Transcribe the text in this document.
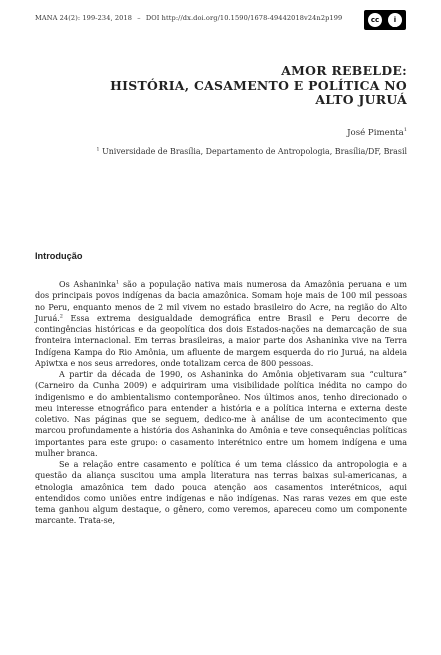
MANA 24(2): 199-234, 2018 – DOI http://dx.doi.org/10.1590/1678-49442018v24n2p199	cc	i
BY
AMOR REBELDE:
HISTÓRIA, CASAMENTO E POLÍTICA NO
ALTO JURUÁ
José Pimenta$^1$
$^1$ Universidade de Brasília, Departamento de Antropologia, Brasília/DF, Brasil
Introdução

Os Ashaninka$^1$ são a população nativa mais numerosa da Amazônia peruana e um dos principais povos indígenas da bacia amazônica. Somam hoje mais de 100 mil pessoas no Peru, enquanto menos de 2 mil vivem no estado brasileiro do Acre, na região do Alto Juruá.$^2$ Essa extrema desigualdade demográfica entre Brasil e Peru decorre de contingências históricas e da geopolítica dos dois Estados-nações na demarcação de sua fronteira internacional. Em terras brasileiras, a maior parte dos Ashaninka vive na Terra Indígena Kampa do Rio Amônia, um afluente de margem esquerda do rio Juruá, na aldeia Apiwtxa e nos seus arredores, onde totalizam cerca de 800 pessoas.

A partir da década de 1990, os Ashaninka do Amônia objetivaram sua “cultura” (Carneiro da Cunha 2009) e adquiriram uma visibilidade política inédita no campo do indigenismo e do ambientalismo contemporâneo. Nos últimos anos, tenho direcionado o meu interesse etnográfico para entender a história e a política interna e externa deste coletivo. Nas páginas que se seguem, dedico-me à análise de um acontecimento que marcou profundamente a história dos Ashaninka do Amônia e teve consequências políticas importantes para este grupo: o casamento interétnico entre um homem indígena e uma mulher branca.

Se a relação entre casamento e política é um tema clássico da antropologia e a questão da aliança suscitou uma ampla literatura nas terras baixas sul-americanas, a etnologia amazônica tem dado pouca atenção aos casamentos interétnicos, aqui entendidos como uniões entre indígenas e não indígenas. Nas raras vezes em que este tema ganhou algum destaque, o gênero, como veremos, apareceu como um componente marcante. Trata-se,
